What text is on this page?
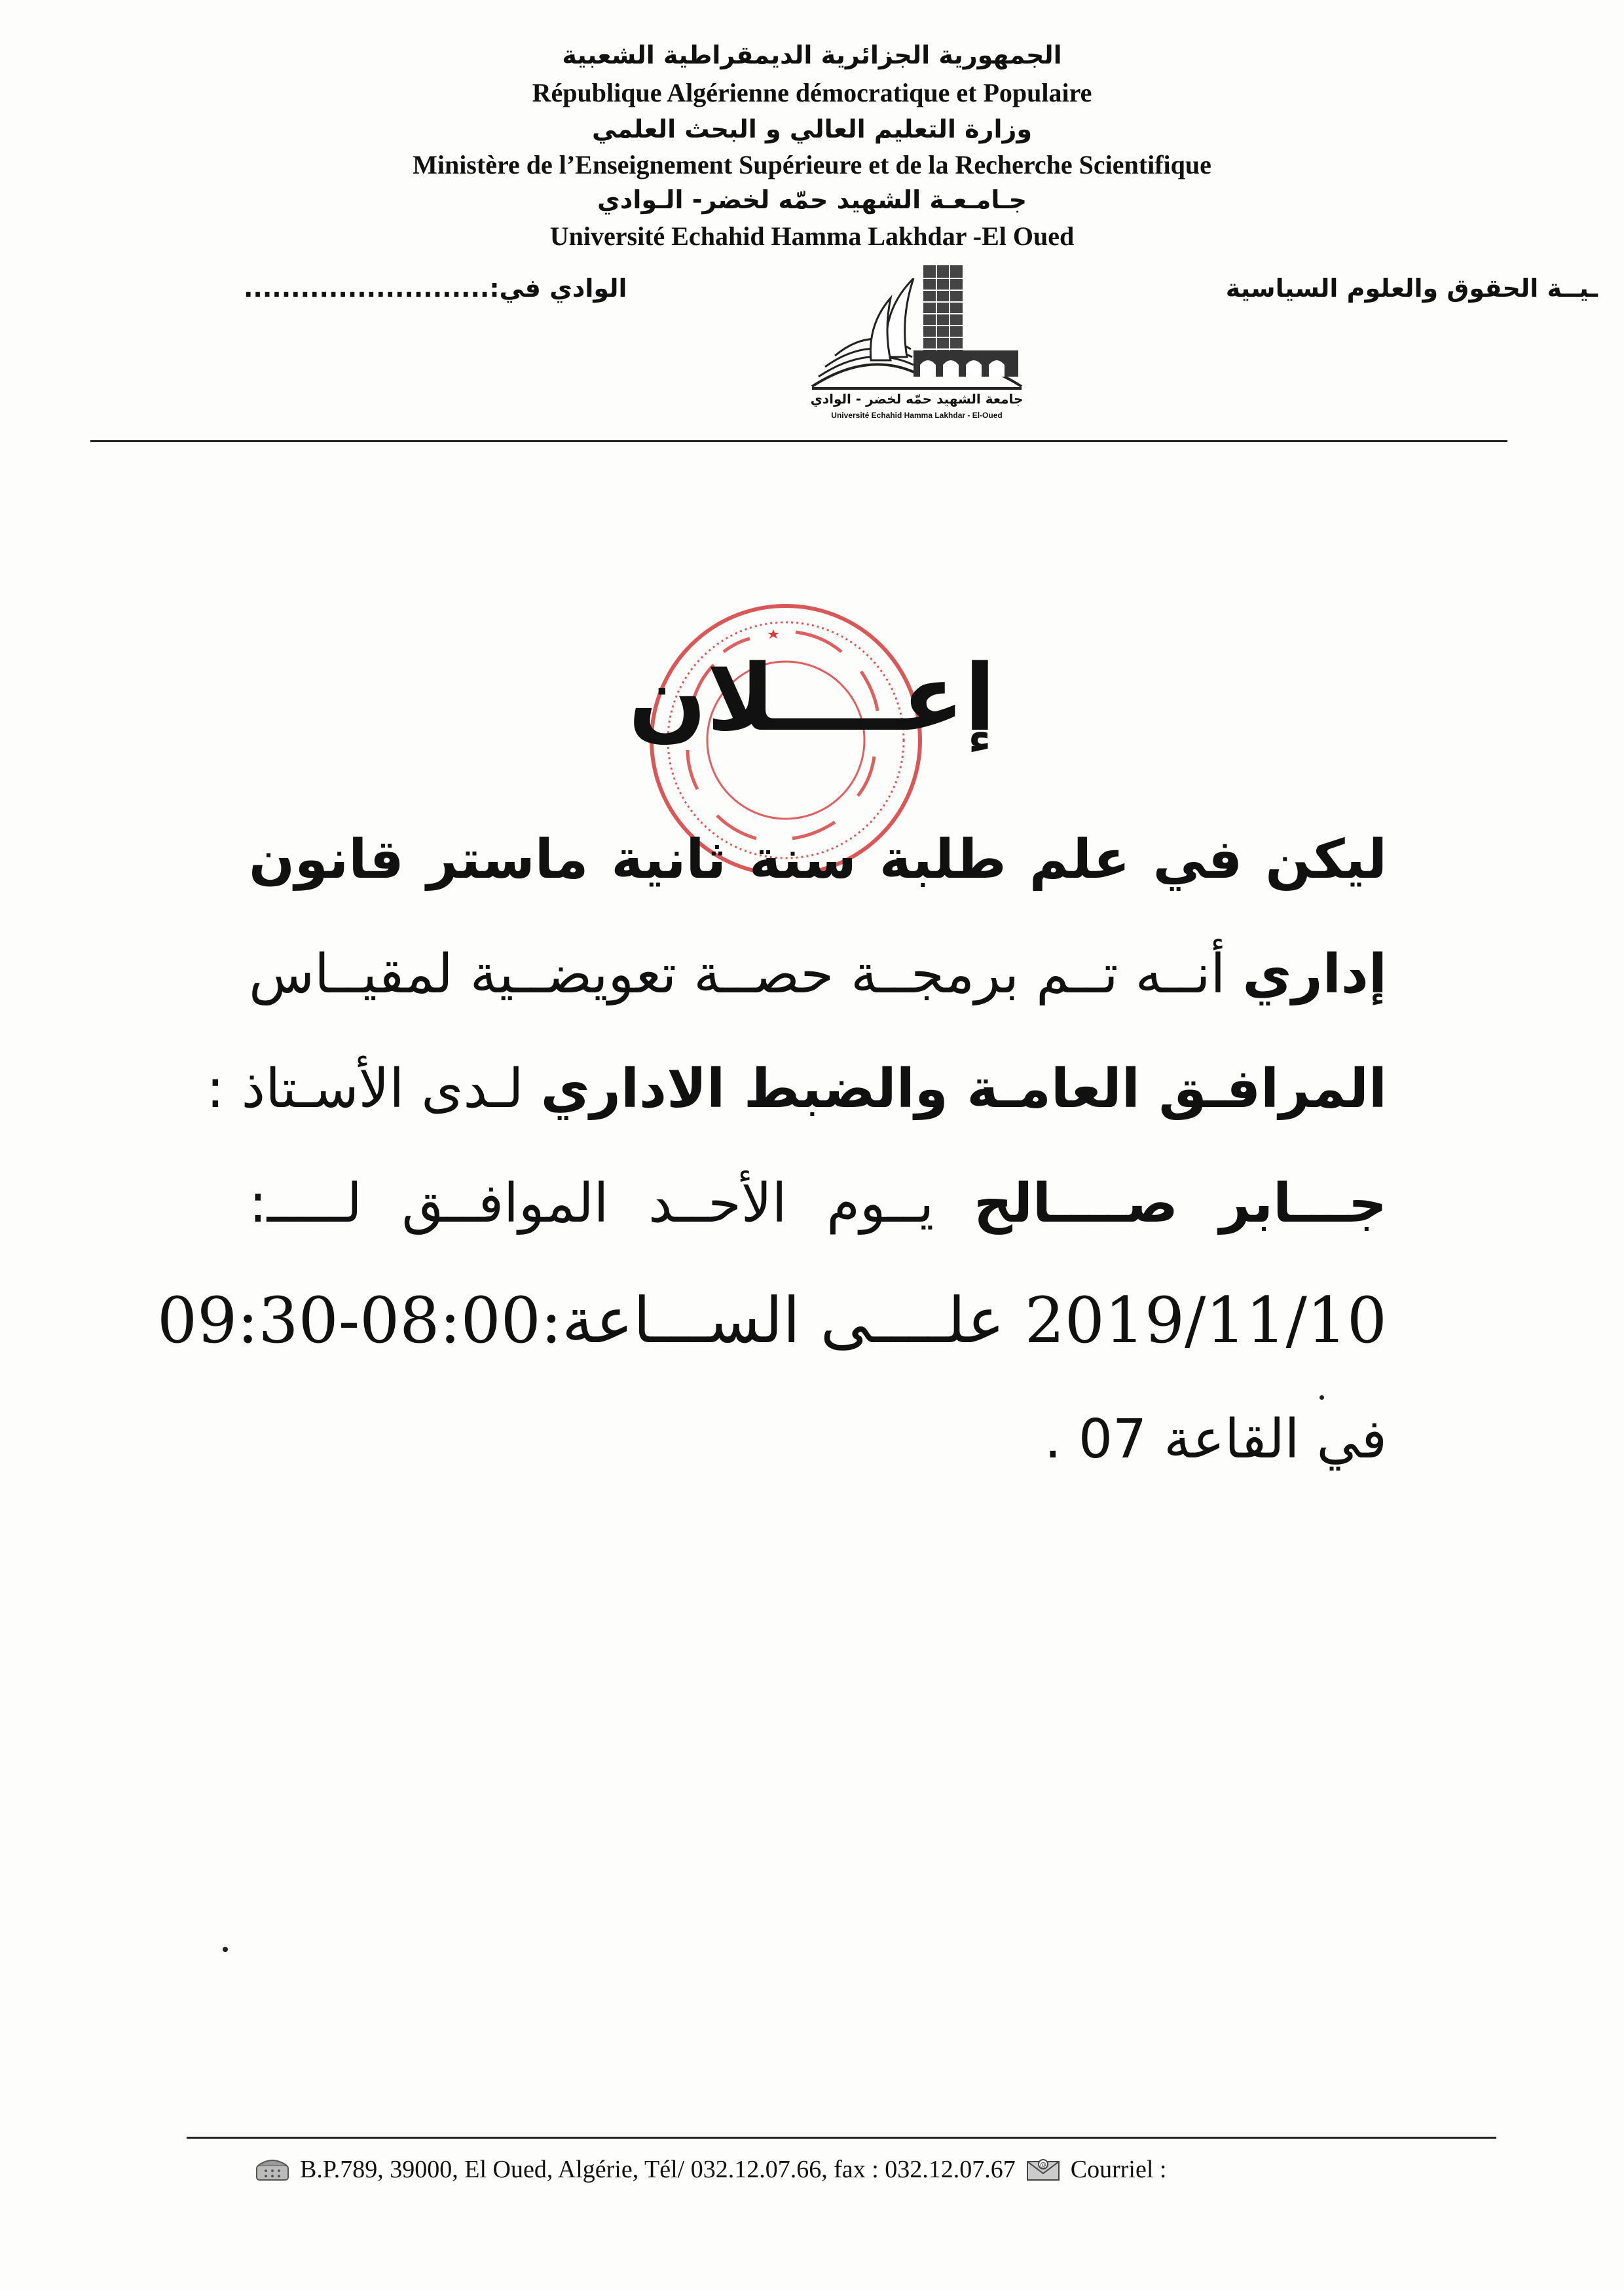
الجمهورية الجزائرية الديمقراطية الشعبية
République Algérienne démocratique et Populaire
وزارة التعليم العالي و البحث العلمي
Ministère de l’Enseignement Supérieure et de la Recherche Scientifique
جـامـعـة الشهيد حمّه لخضر- الـوادي
Université Echahid Hamma Lakhdar -El Oued
ـيــة الحقوق والعلوم السياسية
الوادي في:..........................
جامعة الشهيد حمّه لخضر - الوادي
Université Echahid Hamma Lakhdar - El-Oued
إعــــلان
ليكن في علم طلبة سنة ثانية ماستر قانون
إداري أنــه تــم برمجــة حصــة تعويضــية لمقيــاس
المرافـق العامـة والضبط الاداري لـدى الأسـتاذ :
جـــابر صــــالح يــوم الأحــد الموافــق لـــــ:
2019/11/10 علــــى الســـاعة:08:00-09:30
في القاعة 07 .
B.P.789, 39000, El Oued, Algérie, Tél/ 032.12.07.66, fax : 032.12.07.67	@ Courriel :
